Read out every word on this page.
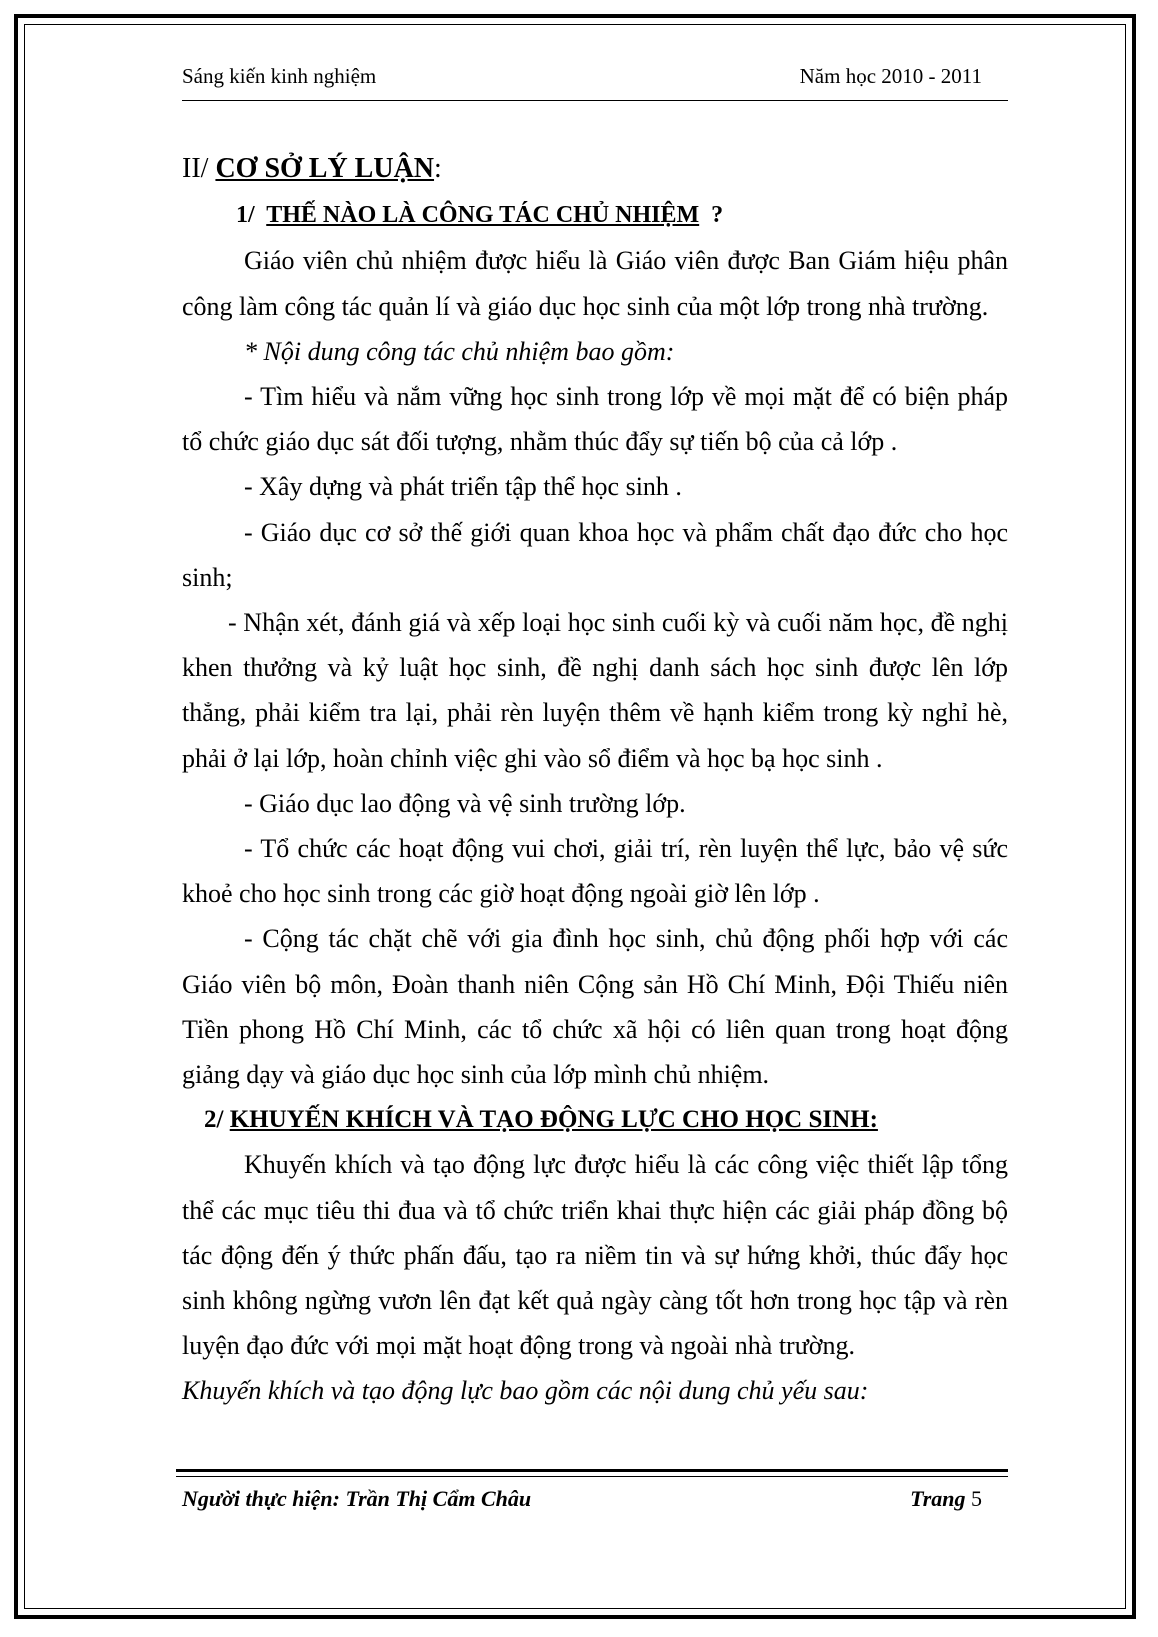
Sáng kiến kinh nghiệm	Năm học 2010 - 2011

II/ CƠ SỞ LÝ LUẬN:

1/  THẾ NÀO LÀ CÔNG TÁC CHỦ NHIỆM  ?

Giáo viên chủ nhiệm được hiểu là Giáo viên được Ban Giám hiệu phân công làm công tác quản lí và giáo dục học sinh của một lớp trong nhà trường.

* Nội dung công tác chủ nhiệm bao gồm:

- Tìm hiểu và nắm vững học sinh trong lớp về mọi mặt để có biện pháp tổ chức giáo dục sát đối tượng, nhằm thúc đẩy sự tiến bộ của cả lớp .

- Xây dựng và phát triển tập thể học sinh .

- Giáo dục cơ sở thế giới quan khoa học và phẩm chất đạo đức cho học sinh;

- Nhận xét, đánh giá và xếp loại học sinh cuối kỳ và cuối năm học, đề nghị khen thưởng và kỷ luật học sinh, đề nghị danh sách học sinh được lên lớp thẳng, phải kiểm tra lại, phải rèn luyện thêm về hạnh kiểm trong kỳ nghỉ hè, phải ở lại lớp, hoàn chỉnh việc ghi vào sổ điểm và học bạ học sinh .

- Giáo dục lao động và vệ sinh trường lớp.

- Tổ chức các hoạt động vui chơi, giải trí, rèn luyện thể lực, bảo vệ sức khoẻ cho học sinh trong các giờ hoạt động ngoài giờ lên lớp .

- Cộng tác chặt chẽ với gia đình học sinh, chủ động phối hợp với các Giáo viên bộ môn, Đoàn thanh niên Cộng sản Hồ Chí Minh, Đội Thiếu niên Tiền phong Hồ Chí Minh, các tổ chức xã hội có liên quan trong hoạt động giảng dạy và giáo dục học sinh của lớp mình chủ nhiệm.

2/ KHUYẾN KHÍCH VÀ TẠO ĐỘNG LỰC CHO HỌC SINH:

Khuyến khích và tạo động lực được hiểu là các công việc thiết lập tổng thể các mục tiêu thi đua và tổ chức triển khai thực hiện các giải pháp đồng bộ tác động đến ý thức phấn đấu, tạo ra niềm tin và sự hứng khởi, thúc đẩy học sinh không ngừng vươn lên đạt kết quả ngày càng tốt hơn trong học tập và rèn luyện đạo đức với mọi mặt hoạt động trong và ngoài nhà trường.

Khuyến khích và tạo động lực bao gồm các nội dung chủ yếu sau:

Người thực hiện: Trần Thị Cẩm Châu	Trang 5
